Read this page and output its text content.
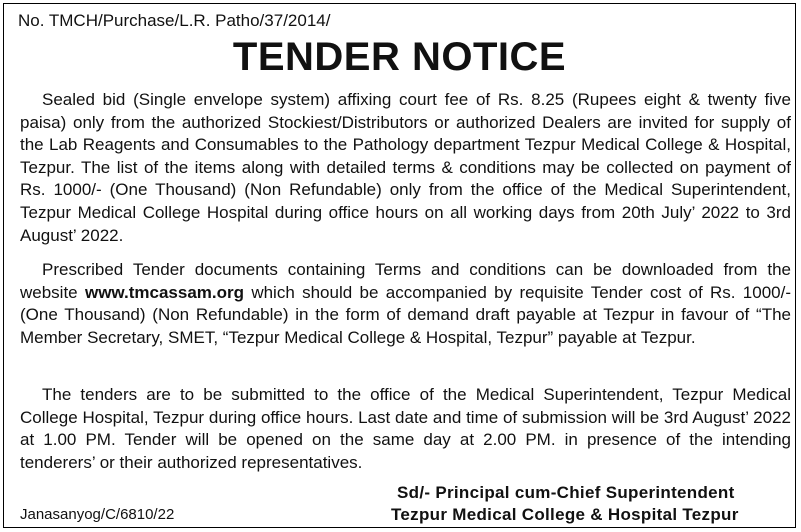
No. TMCH/Purchase/L.R. Patho/37/2014/
TENDER NOTICE

Sealed bid (Single envelope system) affixing court fee of Rs. 8.25 (Rupees eight & twenty five paisa) only from the authorized Stockiest/Distributors or authorized Dealers are invited for supply of the Lab Reagents and Consumables to the Pathology department Tezpur Medical College & Hospital, Tezpur. The list of the items along with detailed terms & conditions may be collected on payment of Rs. 1000/- (One Thousand) (Non Refundable) only from the office of the Medical Superintendent, Tezpur Medical College Hospital during office hours on all working days from 20th July’ 2022 to 3rd August’ 2022.

Prescribed Tender documents containing Terms and conditions can be downloaded from the website www.tmcassam.org which should be accompanied by requisite Tender cost of Rs. 1000/- (One Thousand) (Non Refundable) in the form of demand draft payable at Tezpur in favour of “The Member Secretary, SMET, “Tezpur Medical College & Hospital, Tezpur” payable at Tezpur.

The tenders are to be submitted to the office of the Medical Superintendent, Tezpur Medical College Hospital, Tezpur during office hours. Last date and time of submission will be 3rd August’ 2022 at 1.00 PM. Tender will be opened on the same day at 2.00 PM. in presence of the intending tenderers’ or their authorized representatives.

Janasanyog/C/6810/22
Sd/- Principal cum-Chief Superintendent
Tezpur Medical College & Hospital Tezpur
